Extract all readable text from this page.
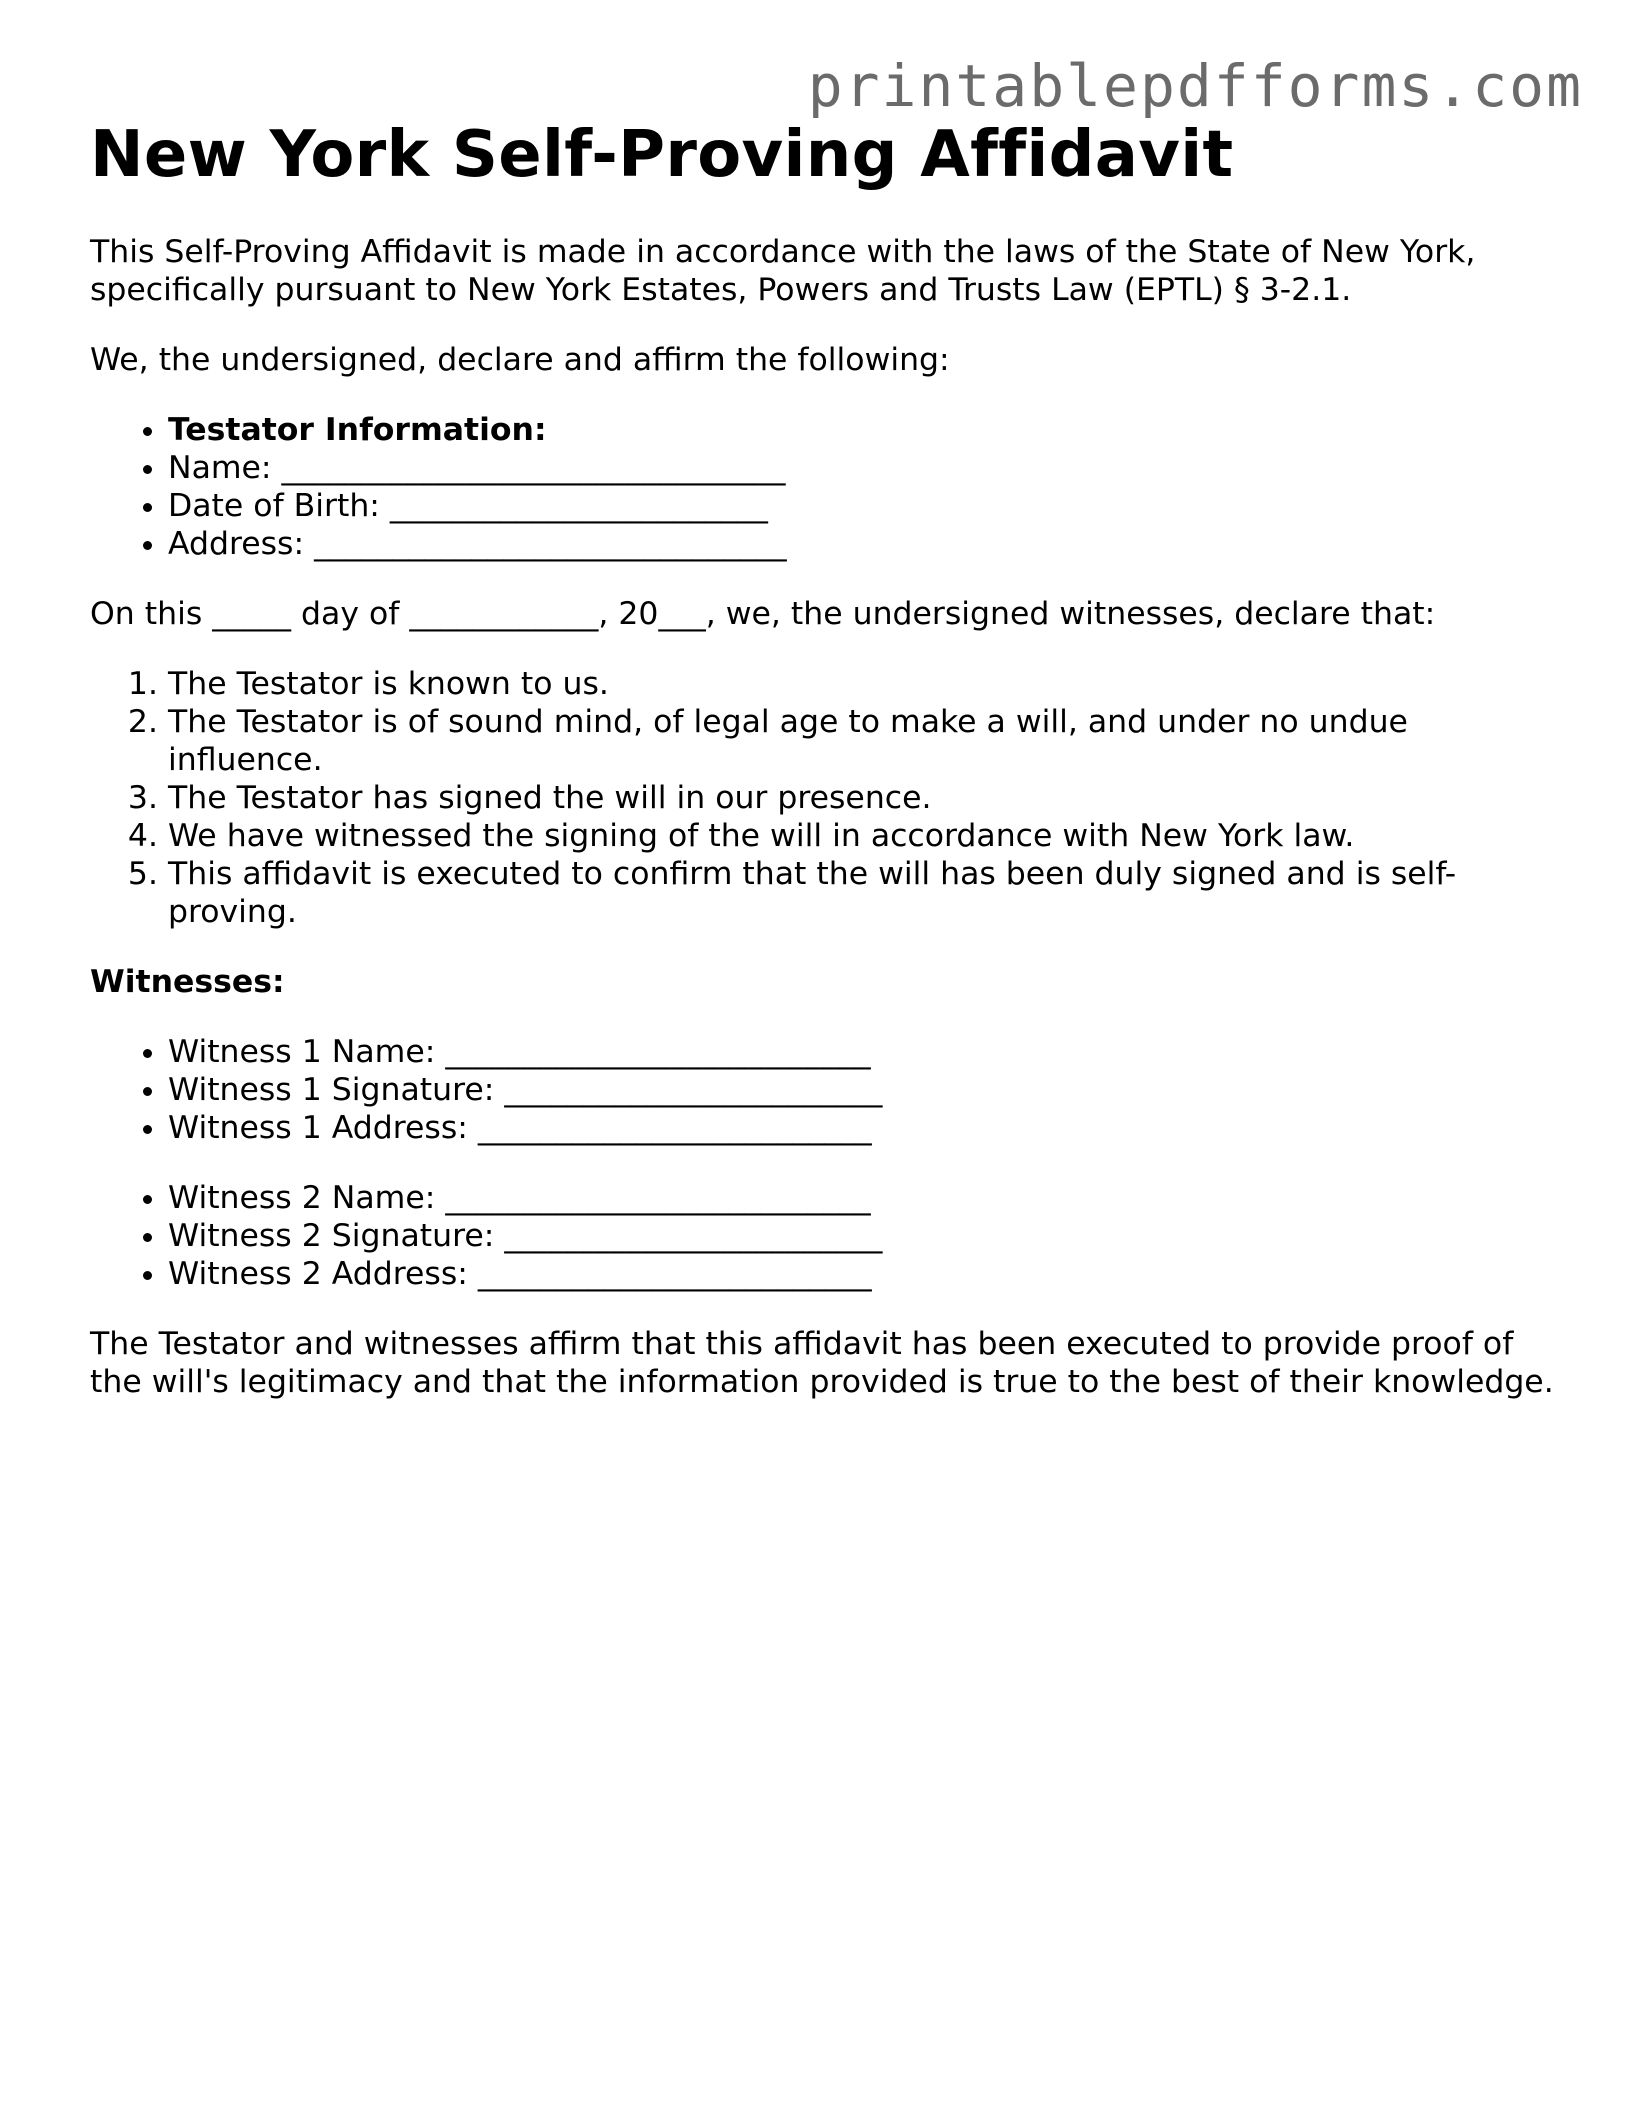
printablepdfforms.com
New York Self-Proving Affidavit

This Self-Proving Affidavit is made in accordance with the laws of the State of New York, specifically pursuant to New York Estates, Powers and Trusts Law (EPTL) § 3-2.1.

We, the undersigned, declare and affirm the following:

• Testator Information:
• Name: ________________________________
• Date of Birth: ________________________
• Address: ______________________________

On this _____ day of ____________, 20___, we, the undersigned witnesses, declare that:

1. The Testator is known to us.
2. The Testator is of sound mind, of legal age to make a will, and under no undue influence.
3. The Testator has signed the will in our presence.
4. We have witnessed the signing of the will in accordance with New York law.
5. This affidavit is executed to confirm that the will has been duly signed and is self-proving.

Witnesses:

• Witness 1 Name: ___________________________
• Witness 1 Signature: ________________________
• Witness 1 Address: _________________________
• Witness 2 Name: ___________________________
• Witness 2 Signature: ________________________
• Witness 2 Address: _________________________

The Testator and witnesses affirm that this affidavit has been executed to provide proof of the will's legitimacy and that the information provided is true to the best of their knowledge.
